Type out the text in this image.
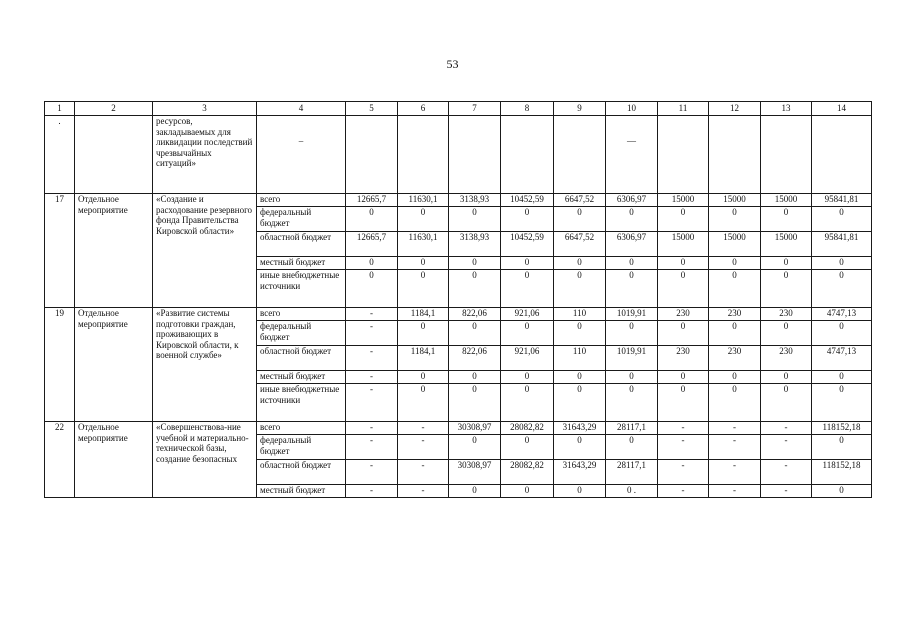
53
1	2	3	4	5	6	7	8	9	10	11	12	13	14
.		ресурсов, закладываемых для ликвидации последствий чрезвычайных ситуаций»	–						—				
17	Отдельное мероприятие	«Создание и расходование резервного фонда Правительства Кировской области»	всего	12665,7	11630,1	3138,93	10452,59	6647,52	6306,97	15000	15000	15000	95841,81
			федеральный бюджет	0	0	0	0	0	0	0	0	0	0
			областной бюджет	12665,7	11630,1	3138,93	10452,59	6647,52	6306,97	15000	15000	15000	95841,81
			местный бюджет	0	0	0	0	0	0	0	0	0	0
			иные внебюджетные источники	0	0	0	0	0	0	0	0	0	0
19	Отдельное мероприятие	«Развитие системы подготовки граждан, проживающих в Кировской области, к военной службе»	всего	-	1184,1	822,06	921,06	110	1019,91	230	230	230	4747,13
			федеральный бюджет	-	0	0	0	0	0	0	0	0	0
			областной бюджет	-	1184,1	822,06	921,06	110	1019,91	230	230	230	4747,13
			местный бюджет	-	0	0	0	0	0	0	0	0	0
			иные внебюджетные источники	-	0	0	0	0	0	0	0	0	0
22	Отдельное мероприятие	«Совершенствова-ние учебной и материально-технической базы, создание безопасных	всего	-	-	30308,97	28082,82	31643,29	28117,1	-	-	-	118152,18
			федеральный бюджет	-	-	0	0	0	0	-	-	-	0
			областной бюджет	-	-	30308,97	28082,82	31643,29	28117,1	-	-	-	118152,18
			местный бюджет	-	-	0	0	0	0 .	-	-	-	0
